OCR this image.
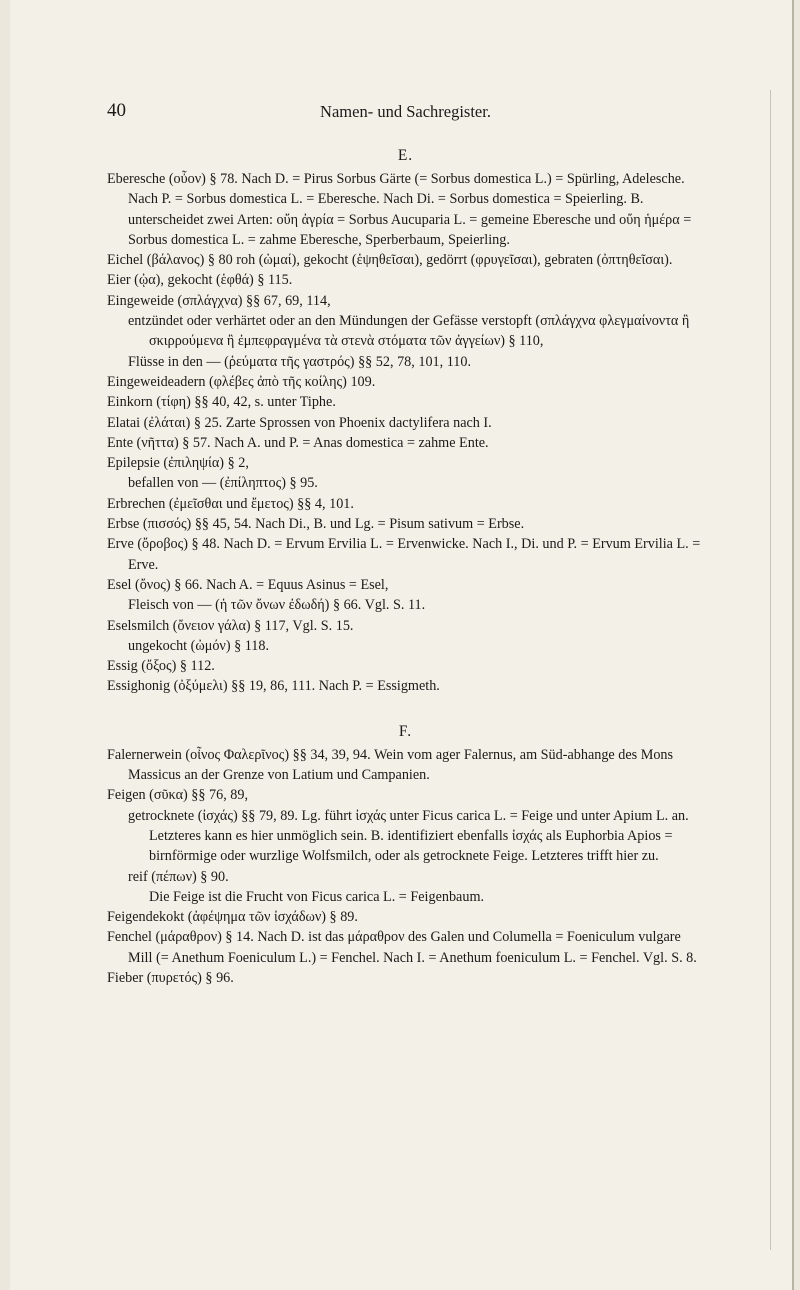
40	Namen- und Sachregister.
E.

Eberesche (οὖον) § 78. Nach D. = Pirus Sorbus Gärte (= Sorbus domestica L.) = Spürling, Adelesche. Nach P. = Sorbus domestica L. = Eberesche. Nach Di. = Sorbus domestica = Speierling. B. unterscheidet zwei Arten: οὔη ἀγρία = Sorbus Aucuparia L. = gemeine Eberesche und οὔη ἡμέρα = Sorbus domestica L. = zahme Eberesche, Sperberbaum, Speierling.

Eichel (βάλανος) § 80 roh (ὠμαί), gekocht (ἑψηθεῖσαι), gedörrt (φρυγεῖσαι), gebraten (ὀπτηθεῖσαι).

Eier (ᾠα), gekocht (ἑφθά) § 115.

Eingeweide (σπλάγχνα) §§ 67, 69, 114,

entzündet oder verhärtet oder an den Mündungen der Gefässe verstopft (σπλάγχνα φλεγμαίνοντα ἢ σκιρρούμενα ἢ ἐμπεφραγμένα τὰ στενὰ στόματα τῶν ἀγγείων) § 110,

Flüsse in den — (ῥεύματα τῆς γαστρός) §§ 52, 78, 101, 110.

Eingeweideadern (φλέβες ἀπὸ τῆς κοίλης) 109.

Einkorn (τίφη) §§ 40, 42, s. unter Tiphe.

Elatai (ἐλάται) § 25. Zarte Sprossen von Phoenix dactylifera nach I.

Ente (νῆττα) § 57. Nach A. und P. = Anas domestica = zahme Ente.

Epilepsie (ἐπιληψία) § 2,

befallen von — (ἐπίληπτος) § 95.

Erbrechen (ἐμεῖσθαι und ἔμετος) §§ 4, 101.

Erbse (πισσός) §§ 45, 54. Nach Di., B. und Lg. = Pisum sativum = Erbse.

Erve (ὄροβος) § 48. Nach D. = Ervum Ervilia L. = Ervenwicke. Nach I., Di. und P. = Ervum Ervilia L. = Erve.

Esel (ὄνος) § 66. Nach A. = Equus Asinus = Esel,

Fleisch von — (ἡ τῶν ὄνων ἐδωδή) § 66. Vgl. S. 11.

Eselsmilch (ὄνειον γάλα) § 117, Vgl. S. 15.

ungekocht (ὠμόν) § 118.

Essig (ὄξος) § 112.

Essighonig (ὀξύμελι) §§ 19, 86, 111. Nach P. = Essigmeth.

F.

Falernerwein (οἶνος Φαλερῖνος) §§ 34, 39, 94. Wein vom ager Falernus, am Süd-abhange des Mons Massicus an der Grenze von Latium und Campanien.

Feigen (σῦκα) §§ 76, 89,

getrocknete (ἰσχάς) §§ 79, 89. Lg. führt ἰσχάς unter Ficus carica L. = Feige und unter Apium L. an. Letzteres kann es hier unmöglich sein. B. identifiziert ebenfalls ἰσχάς als Euphorbia Apios = birnförmige oder wurzlige Wolfsmilch, oder als getrocknete Feige. Letzteres trifft hier zu.

reif (πέπων) § 90.

Die Feige ist die Frucht von Ficus carica L. = Feigenbaum.

Feigendekokt (ἀφέψημα τῶν ἰσχάδων) § 89.

Fenchel (μάραθρον) § 14. Nach D. ist das μάραθρον des Galen und Columella = Foeniculum vulgare Mill (= Anethum Foeniculum L.) = Fenchel. Nach I. = Anethum foeniculum L. = Fenchel. Vgl. S. 8.

Fieber (πυρετός) § 96.
